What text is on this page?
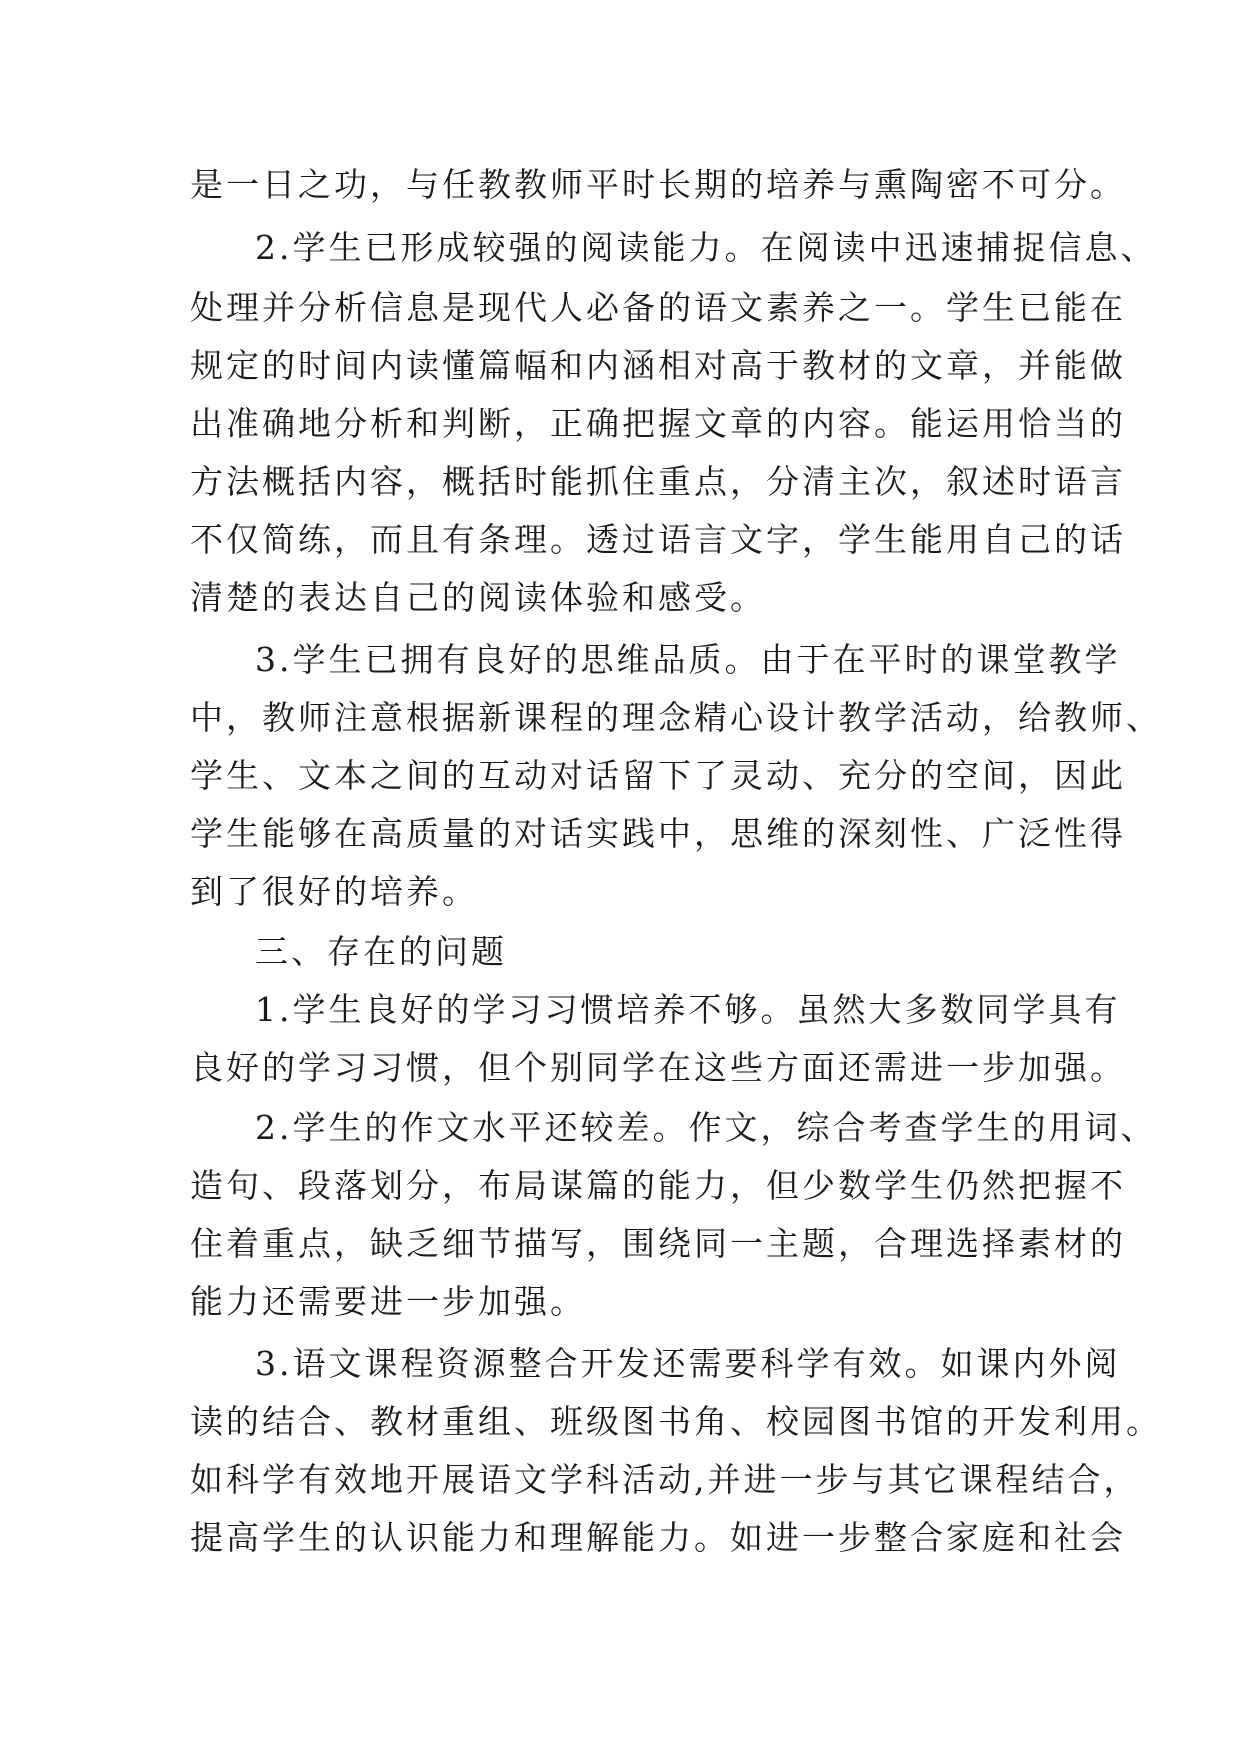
是一日之功，与任教教师平时长期的培养与熏陶密不可分。
2.学生已形成较强的阅读能力。在阅读中迅速捕捉信息、
处理并分析信息是现代人必备的语文素养之一。学生已能在
规定的时间内读懂篇幅和内涵相对高于教材的文章，并能做
出准确地分析和判断，正确把握文章的内容。能运用恰当的
方法概括内容，概括时能抓住重点，分清主次，叙述时语言
不仅简练，而且有条理。透过语言文字，学生能用自己的话
清楚的表达自己的阅读体验和感受。
3.学生已拥有良好的思维品质。由于在平时的课堂教学
中，教师注意根据新课程的理念精心设计教学活动，给教师、
学生、文本之间的互动对话留下了灵动、充分的空间，因此
学生能够在高质量的对话实践中，思维的深刻性、广泛性得
到了很好的培养。
三、存在的问题
1.学生良好的学习习惯培养不够。虽然大多数同学具有
良好的学习习惯，但个别同学在这些方面还需进一步加强。
2.学生的作文水平还较差。作文，综合考查学生的用词、
造句、段落划分，布局谋篇的能力，但少数学生仍然把握不
住着重点，缺乏细节描写，围绕同一主题，合理选择素材的
能力还需要进一步加强。
3.语文课程资源整合开发还需要科学有效。如课内外阅
读的结合、教材重组、班级图书角、校园图书馆的开发利用。
如科学有效地开展语文学科活动,并进一步与其它课程结合，
提高学生的认识能力和理解能力。如进一步整合家庭和社会
